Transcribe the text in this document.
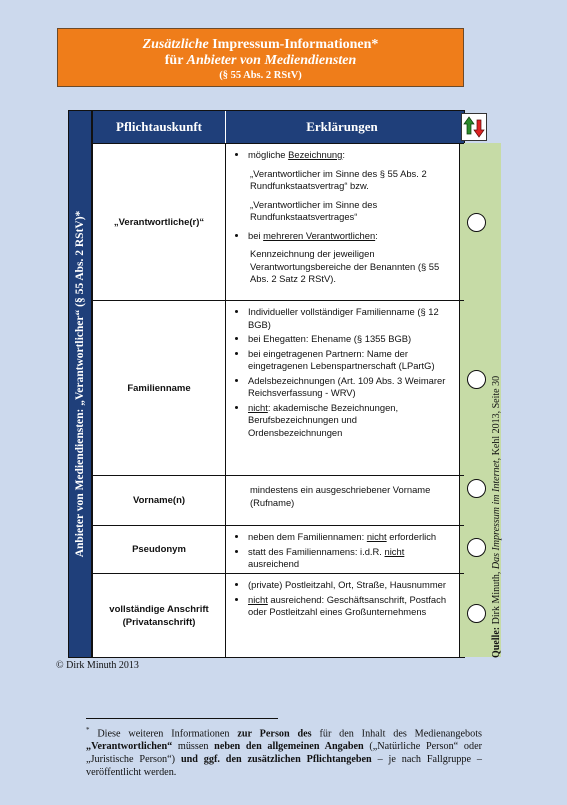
Zusätzliche Impressum-Informationen*
für Anbieter von Mediendiensten
(§ 55 Abs. 2 RStV)
Anbieter von Mediendiensten: „Verantwortlicher“ (§ 55 Abs. 2 RStV)*
Pflichtauskunft	Erklärungen
„Verantwortliche(r)“
• mögliche Bezeichnung:
„Verantwortlicher im Sinne des § 55 Abs. 2 Rundfunkstaatsvertrag“ bzw.
„Verantwortlicher im Sinne des Rundfunkstaatsvertrages“
• bei mehreren Verantwortlichen:
Kennzeichnung der jeweiligen Verantwortungsbereiche der Benannten (§ 55 Abs. 2 Satz 2 RStV).
Familienname
• Individueller vollständiger Familienname (§ 12 BGB)
• bei Ehegatten: Ehename (§ 1355 BGB)
• bei eingetragenen Partnern: Name der eingetragenen Lebenspartnerschaft (LPartG)
• Adelsbezeichnungen (Art. 109 Abs. 3 Weimarer Reichsverfassung - WRV)
• nicht: akademische Bezeichnungen, Berufsbezeichnungen und Ordensbezeichnungen
Vorname(n)
mindestens ein ausgeschriebener Vorname (Rufname)
Pseudonym
• neben dem Familiennamen: nicht erforderlich
• statt des Familiennamens: i.d.R. nicht ausreichend
vollständige Anschrift (Privatanschrift)
• (private) Postleitzahl, Ort, Straße, Hausnummer
• nicht ausreichend: Geschäftsanschrift, Postfach oder Postleitzahl eines Großunternehmens
Quelle: Dirk Minuth, Das Impressum im Internet, Kehl 2013, Seite 30
© Dirk Minuth 2013
* Diese weiteren Informationen zur Person des für den Inhalt des Medienangebots „Verantwortlichen“ müssen neben den allgemeinen Angaben („Natürliche Person“ oder „Juristische Person“) und ggf. den zusätzlichen Pflichtangeben – je nach Fallgruppe –veröffentlicht werden.
